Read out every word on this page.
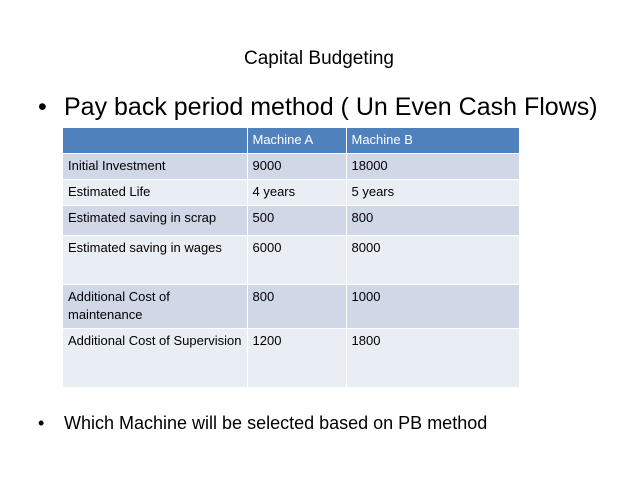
Capital Budgeting
• Pay back period method ( Un Even Cash Flows)
	Machine A	Machine B
Initial Investment	9000	18000
Estimated Life	4 years	5 years
Estimated saving in scrap	500	800
Estimated saving in wages	6000	8000
Additional Cost of maintenance	800	1000
Additional Cost of Supervision	1200	1800
•	Which Machine will be selected based on PB method
